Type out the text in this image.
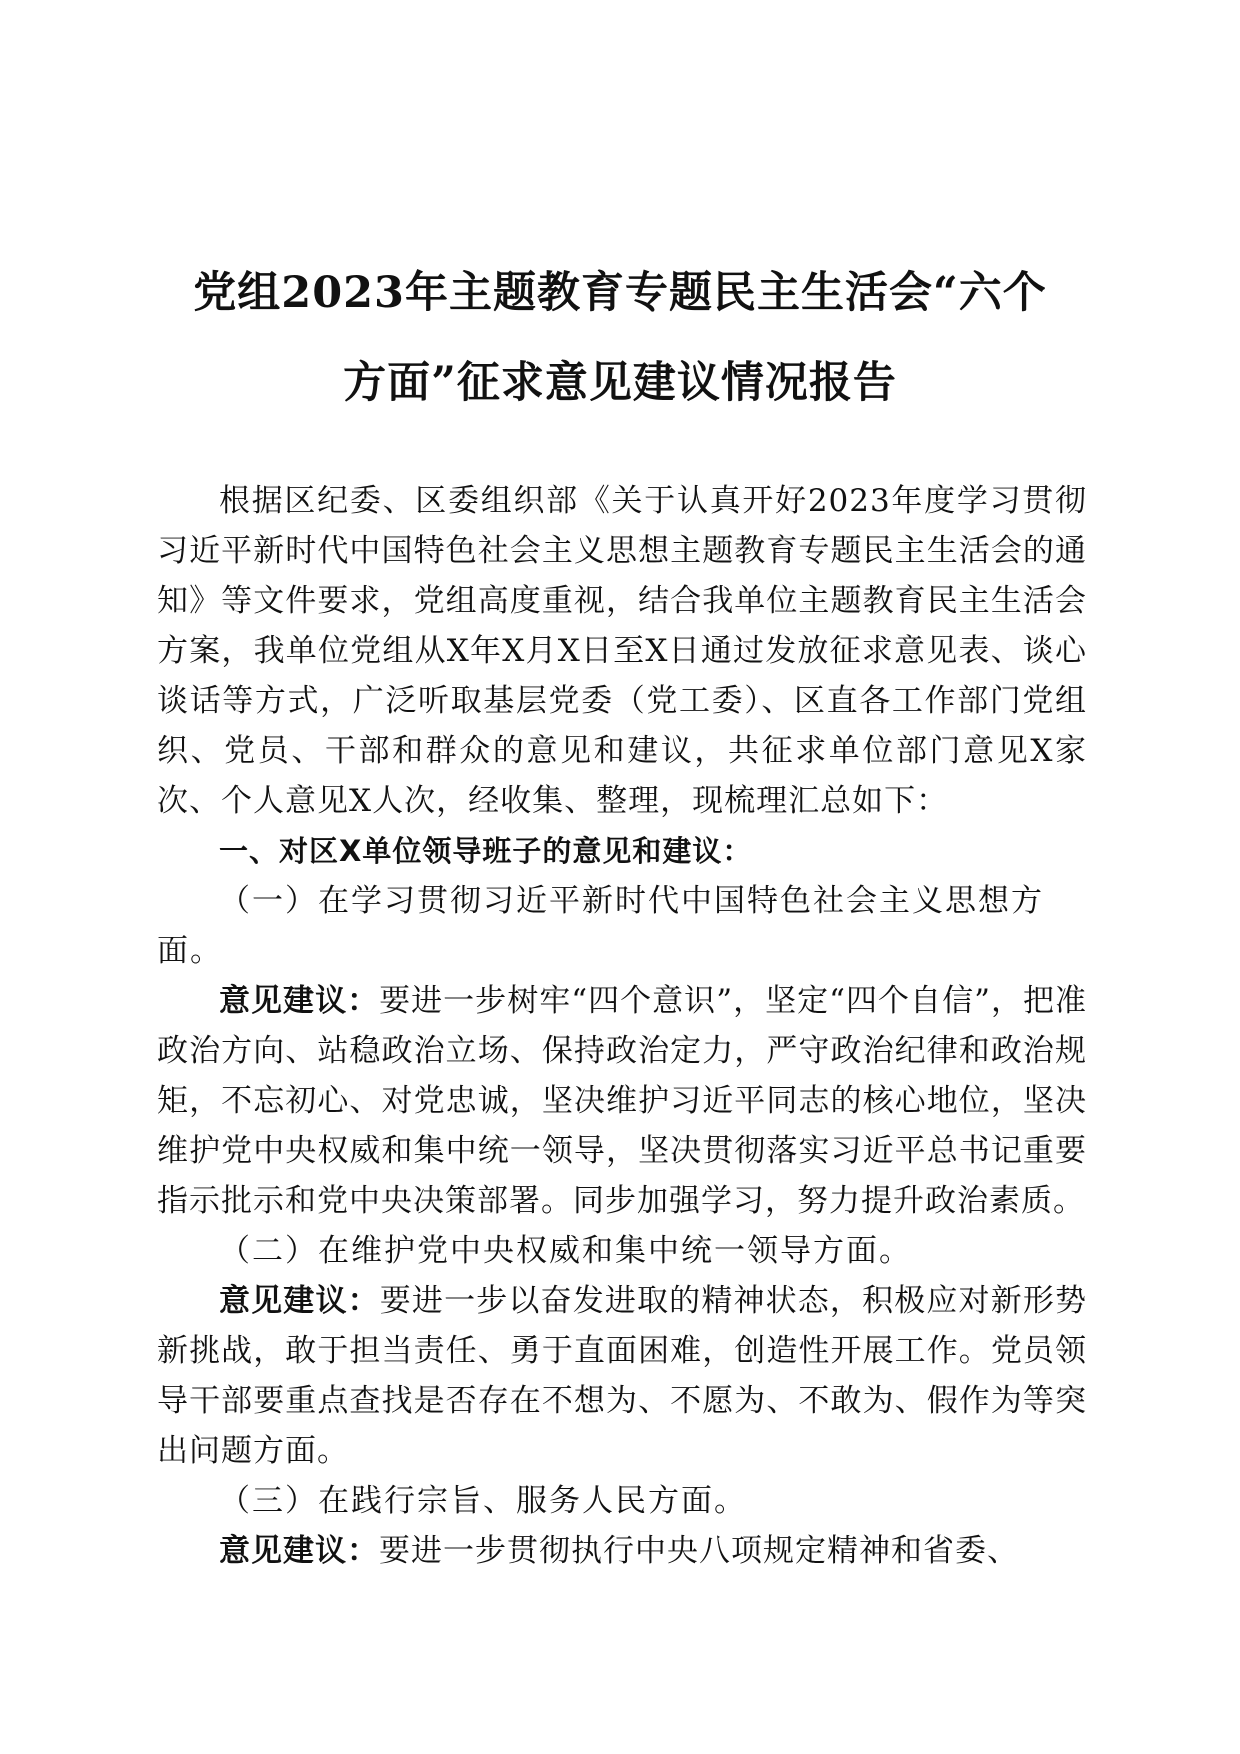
党组2023年主题教育专题民主生活会“六个
方面”征求意见建议情况报告

根据区纪委、区委组织部《关于认真开好2023年度学习贯彻习近平新时代中国特色社会主义思想主题教育专题民主生活会的通知》等文件要求，党组高度重视，结合我单位主题教育民主生活会方案，我单位党组从X年X月X日至X日通过发放征求意见表、谈心谈话等方式，广泛听取基层党委（党工委）、区直各工作部门党组织、党员、干部和群众的意见和建议，共征求单位部门意见X家次、个人意见X人次，经收集、整理，现梳理汇总如下：

一、对区X单位领导班子的意见和建议：

（一）在学习贯彻习近平新时代中国特色社会主义思想方面。

意见建议：要进一步树牢“四个意识”，坚定“四个自信”，把准政治方向、站稳政治立场、保持政治定力，严守政治纪律和政治规矩，不忘初心、对党忠诚，坚决维护习近平同志的核心地位，坚决维护党中央权威和集中统一领导，坚决贯彻落实习近平总书记重要指示批示和党中央决策部署。同步加强学习，努力提升政治素质。

（二）在维护党中央权威和集中统一领导方面。

意见建议：要进一步以奋发进取的精神状态，积极应对新形势新挑战，敢于担当责任、勇于直面困难，创造性开展工作。党员领导干部要重点查找是否存在不想为、不愿为、不敢为、假作为等突出问题方面。

（三）在践行宗旨、服务人民方面。

意见建议：要进一步贯彻执行中央八项规定精神和省委、
